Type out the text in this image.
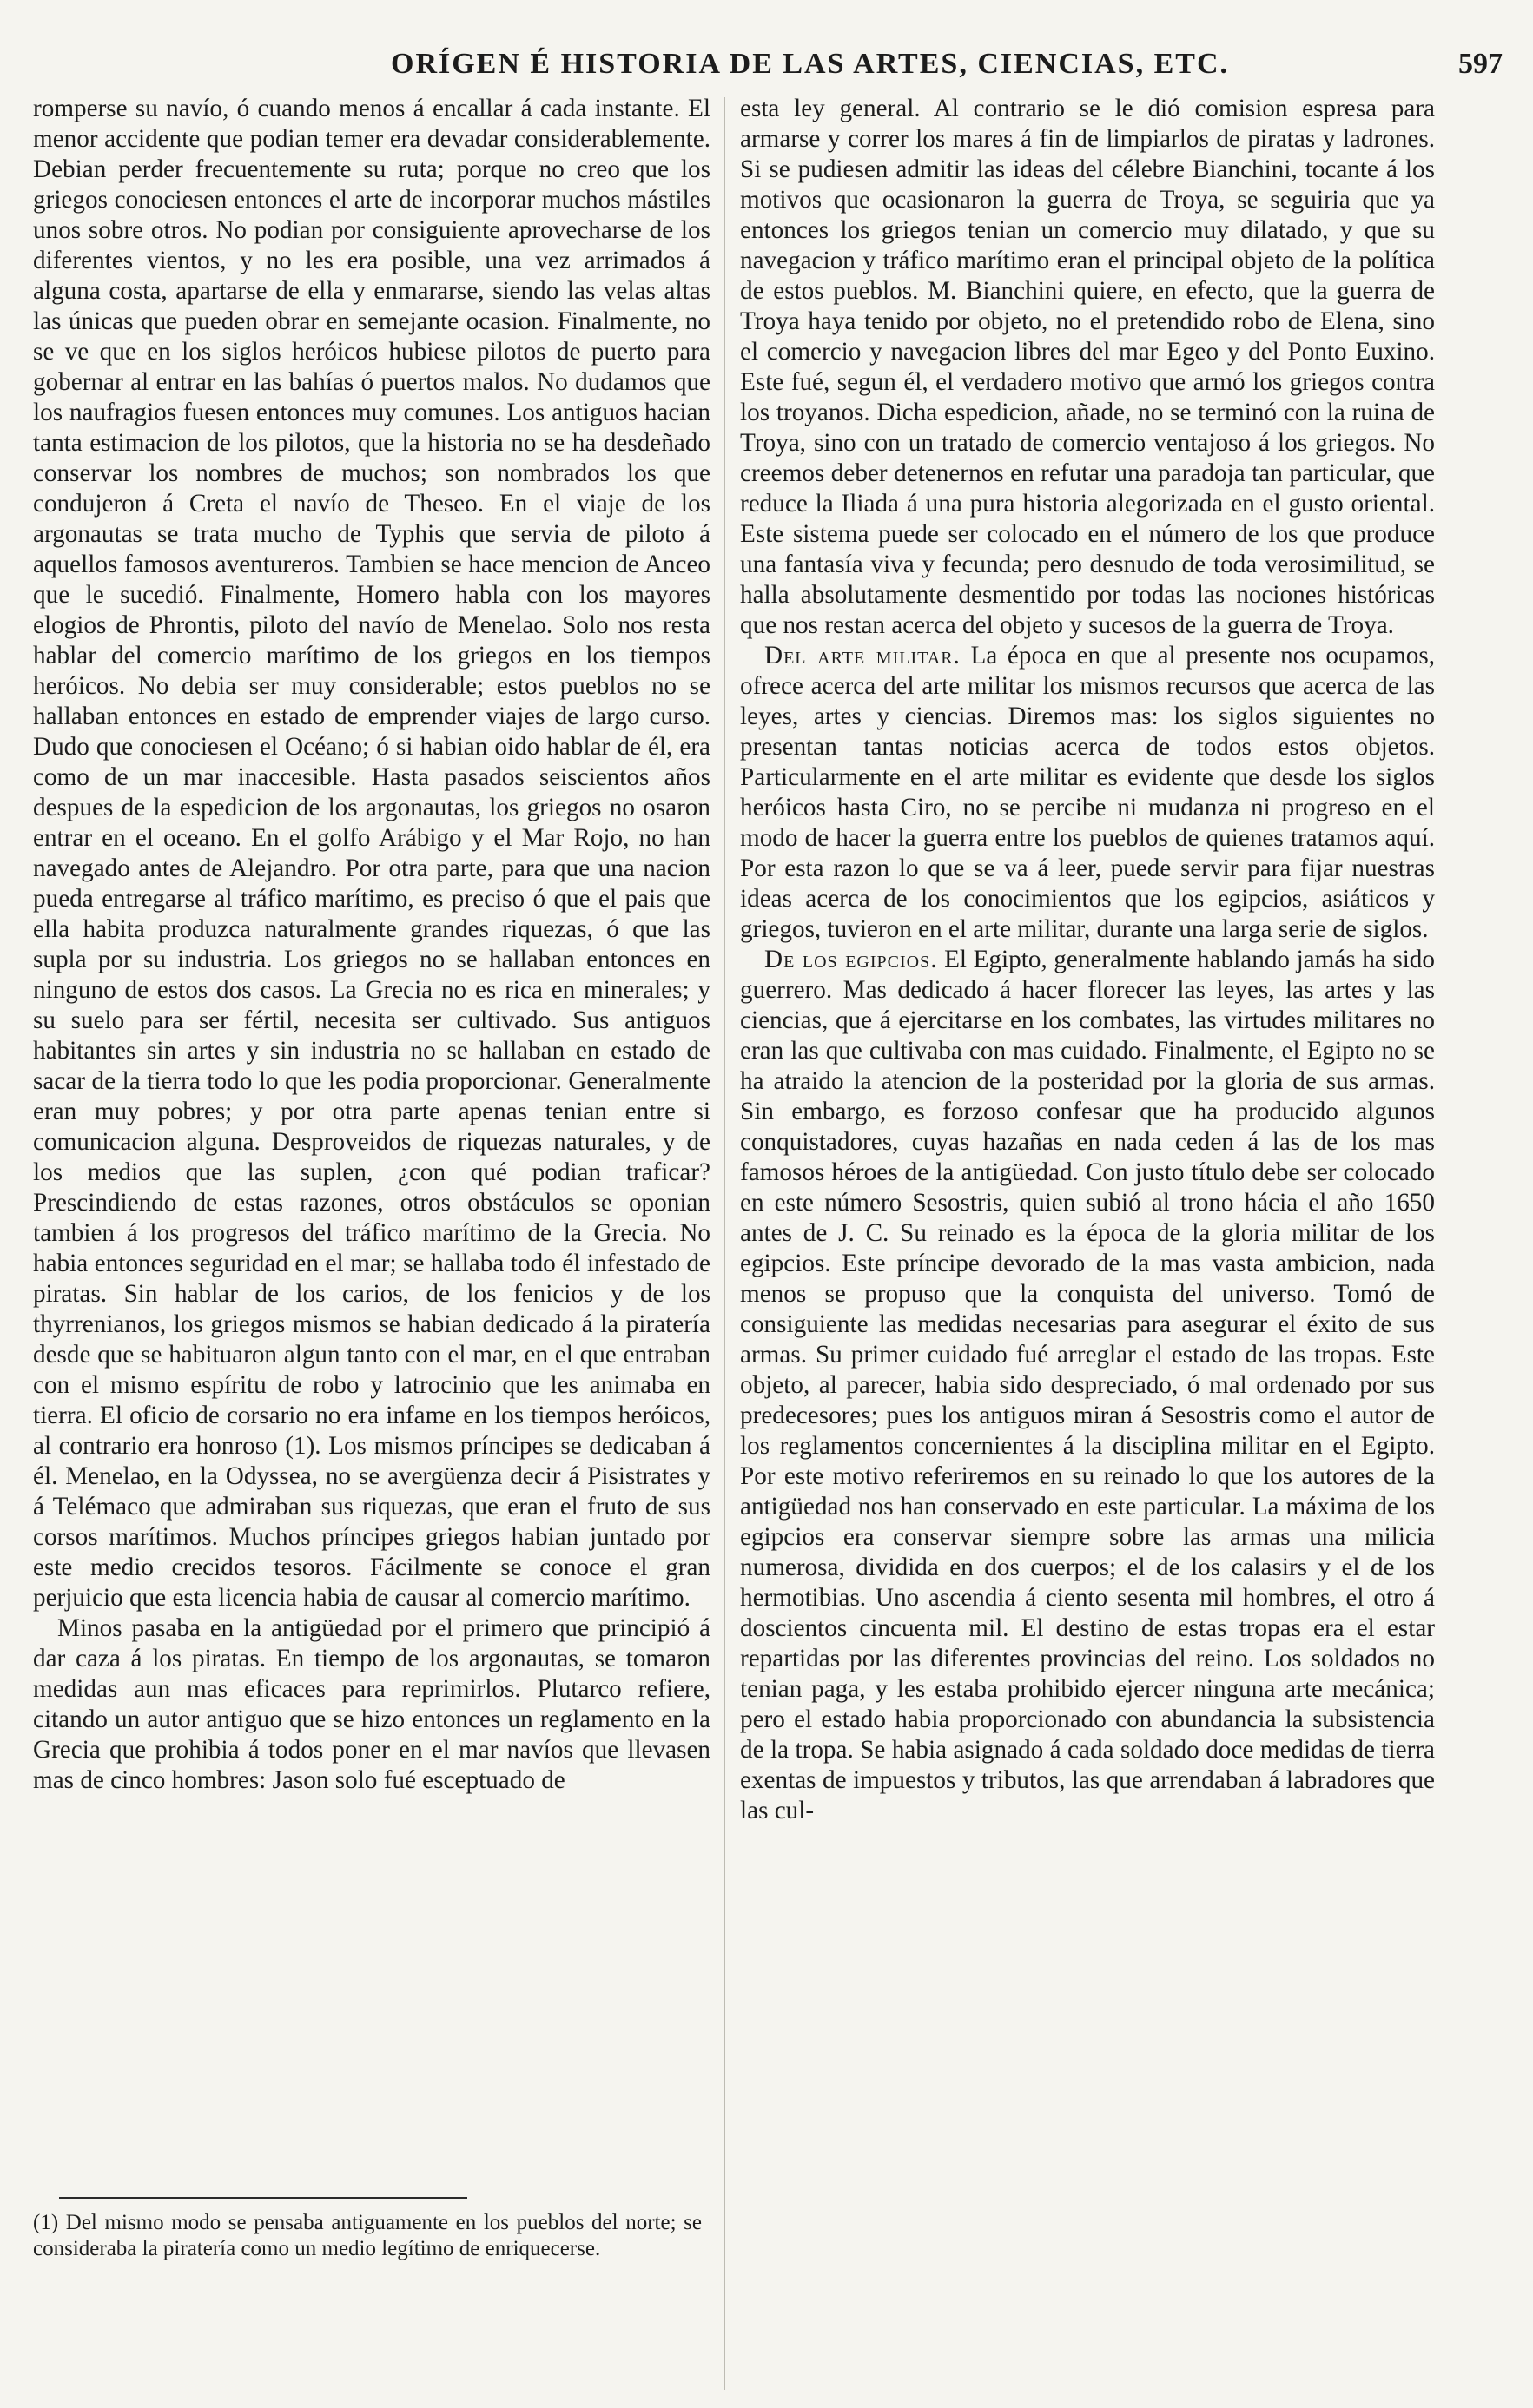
ORÍGEN É HISTORIA DE LAS ARTES, CIENCIAS, ETC.	597

romperse su navío, ó cuando menos á encallar á cada instante. El menor accidente que podian temer era devadar considerablemente. Debian perder frecuentemente su ruta; porque no creo que los griegos conociesen entonces el arte de incorporar muchos mástiles unos sobre otros. No podian por consiguiente aprovecharse de los diferentes vientos, y no les era posible, una vez arrimados á alguna costa, apartarse de ella y enmararse, siendo las velas altas las únicas que pueden obrar en semejante ocasion. Finalmente, no se ve que en los siglos heróicos hubiese pilotos de puerto para gobernar al entrar en las bahías ó puertos malos. No dudamos que los naufragios fuesen entonces muy comunes. Los antiguos hacian tanta estimacion de los pilotos, que la historia no se ha desdeñado conservar los nombres de muchos; son nombrados los que condujeron á Creta el navío de Theseo. En el viaje de los argonautas se trata mucho de Typhis que servia de piloto á aquellos famosos aventureros. Tambien se hace mencion de Anceo que le sucedió. Finalmente, Homero habla con los mayores elogios de Phrontis, piloto del navío de Menelao. Solo nos resta hablar del comercio marítimo de los griegos en los tiempos heróicos. No debia ser muy considerable; estos pueblos no se hallaban entonces en estado de emprender viajes de largo curso. Dudo que conociesen el Océano; ó si habian oido hablar de él, era como de un mar inaccesible. Hasta pasados seiscientos años despues de la espedicion de los argonautas, los griegos no osaron entrar en el oceano. En el golfo Arábigo y el Mar Rojo, no han navegado antes de Alejandro. Por otra parte, para que una nacion pueda entregarse al tráfico marítimo, es preciso ó que el pais que ella habita produzca naturalmente grandes riquezas, ó que las supla por su industria. Los griegos no se hallaban entonces en ninguno de estos dos casos. La Grecia no es rica en minerales; y su suelo para ser fértil, necesita ser cultivado. Sus antiguos habitantes sin artes y sin industria no se hallaban en estado de sacar de la tierra todo lo que les podia proporcionar. Generalmente eran muy pobres; y por otra parte apenas tenian entre si comunicacion alguna. Desproveidos de riquezas naturales, y de los medios que las suplen, ¿con qué podian traficar? Prescindiendo de estas razones, otros obstáculos se oponian tambien á los progresos del tráfico marítimo de la Grecia. No habia entonces seguridad en el mar; se hallaba todo él infestado de piratas. Sin hablar de los carios, de los fenicios y de los thyrrenianos, los griegos mismos se habian dedicado á la piratería desde que se habituaron algun tanto con el mar, en el que entraban con el mismo espíritu de robo y latrocinio que les animaba en tierra. El oficio de corsario no era infame en los tiempos heróicos, al contrario era honroso (1). Los mismos príncipes se dedicaban á él. Menelao, en la Odyssea, no se avergüenza decir á Pisistrates y á Telémaco que admiraban sus riquezas, que eran el fruto de sus corsos marítimos. Muchos príncipes griegos habian juntado por este medio crecidos tesoros. Fácilmente se conoce el gran perjuicio que esta licencia habia de causar al comercio marítimo.

Minos pasaba en la antigüedad por el primero que principió á dar caza á los piratas. En tiempo de los argonautas, se tomaron medidas aun mas eficaces para reprimirlos. Plutarco refiere, citando un autor antiguo que se hizo entonces un reglamento en la Grecia que prohibia á todos poner en el mar navíos que llevasen mas de cinco hombres: Jason solo fué esceptuado de

esta ley general. Al contrario se le dió comision espresa para armarse y correr los mares á fin de limpiarlos de piratas y ladrones. Si se pudiesen admitir las ideas del célebre Bianchini, tocante á los motivos que ocasionaron la guerra de Troya, se seguiria que ya entonces los griegos tenian un comercio muy dilatado, y que su navegacion y tráfico marítimo eran el principal objeto de la política de estos pueblos. M. Bianchini quiere, en efecto, que la guerra de Troya haya tenido por objeto, no el pretendido robo de Elena, sino el comercio y navegacion libres del mar Egeo y del Ponto Euxino. Este fué, segun él, el verdadero motivo que armó los griegos contra los troyanos. Dicha espedicion, añade, no se terminó con la ruina de Troya, sino con un tratado de comercio ventajoso á los griegos. No creemos deber detenernos en refutar una paradoja tan particular, que reduce la Iliada á una pura historia alegorizada en el gusto oriental. Este sistema puede ser colocado en el número de los que produce una fantasía viva y fecunda; pero desnudo de toda verosimilitud, se halla absolutamente desmentido por todas las nociones históricas que nos restan acerca del objeto y sucesos de la guerra de Troya.

Del arte militar. La época en que al presente nos ocupamos, ofrece acerca del arte militar los mismos recursos que acerca de las leyes, artes y ciencias. Diremos mas: los siglos siguientes no presentan tantas noticias acerca de todos estos objetos. Particularmente en el arte militar es evidente que desde los siglos heróicos hasta Ciro, no se percibe ni mudanza ni progreso en el modo de hacer la guerra entre los pueblos de quienes tratamos aquí. Por esta razon lo que se va á leer, puede servir para fijar nuestras ideas acerca de los conocimientos que los egipcios, asiáticos y griegos, tuvieron en el arte militar, durante una larga serie de siglos.

De los egipcios. El Egipto, generalmente hablando jamás ha sido guerrero. Mas dedicado á hacer florecer las leyes, las artes y las ciencias, que á ejercitarse en los combates, las virtudes militares no eran las que cultivaba con mas cuidado. Finalmente, el Egipto no se ha atraido la atencion de la posteridad por la gloria de sus armas. Sin embargo, es forzoso confesar que ha producido algunos conquistadores, cuyas hazañas en nada ceden á las de los mas famosos héroes de la antigüedad. Con justo título debe ser colocado en este número Sesostris, quien subió al trono hácia el año 1650 antes de J. C. Su reinado es la época de la gloria militar de los egipcios. Este príncipe devorado de la mas vasta ambicion, nada menos se propuso que la conquista del universo. Tomó de consiguiente las medidas necesarias para asegurar el éxito de sus armas. Su primer cuidado fué arreglar el estado de las tropas. Este objeto, al parecer, habia sido despreciado, ó mal ordenado por sus predecesores; pues los antiguos miran á Sesostris como el autor de los reglamentos concernientes á la disciplina militar en el Egipto. Por este motivo referiremos en su reinado lo que los autores de la antigüedad nos han conservado en este particular. La máxima de los egipcios era conservar siempre sobre las armas una milicia numerosa, dividida en dos cuerpos; el de los calasirs y el de los hermotibias. Uno ascendia á ciento sesenta mil hombres, el otro á doscientos cincuenta mil. El destino de estas tropas era el estar repartidas por las diferentes provincias del reino. Los soldados no tenian paga, y les estaba prohibido ejercer ninguna arte mecánica; pero el estado habia proporcionado con abundancia la subsistencia de la tropa. Se habia asignado á cada soldado doce medidas de tierra exentas de impuestos y tributos, las que arrendaban á labradores que las cul-

(1) Del mismo modo se pensaba antiguamente en los pueblos del norte; se consideraba la piratería como un medio legítimo de enriquecerse.
